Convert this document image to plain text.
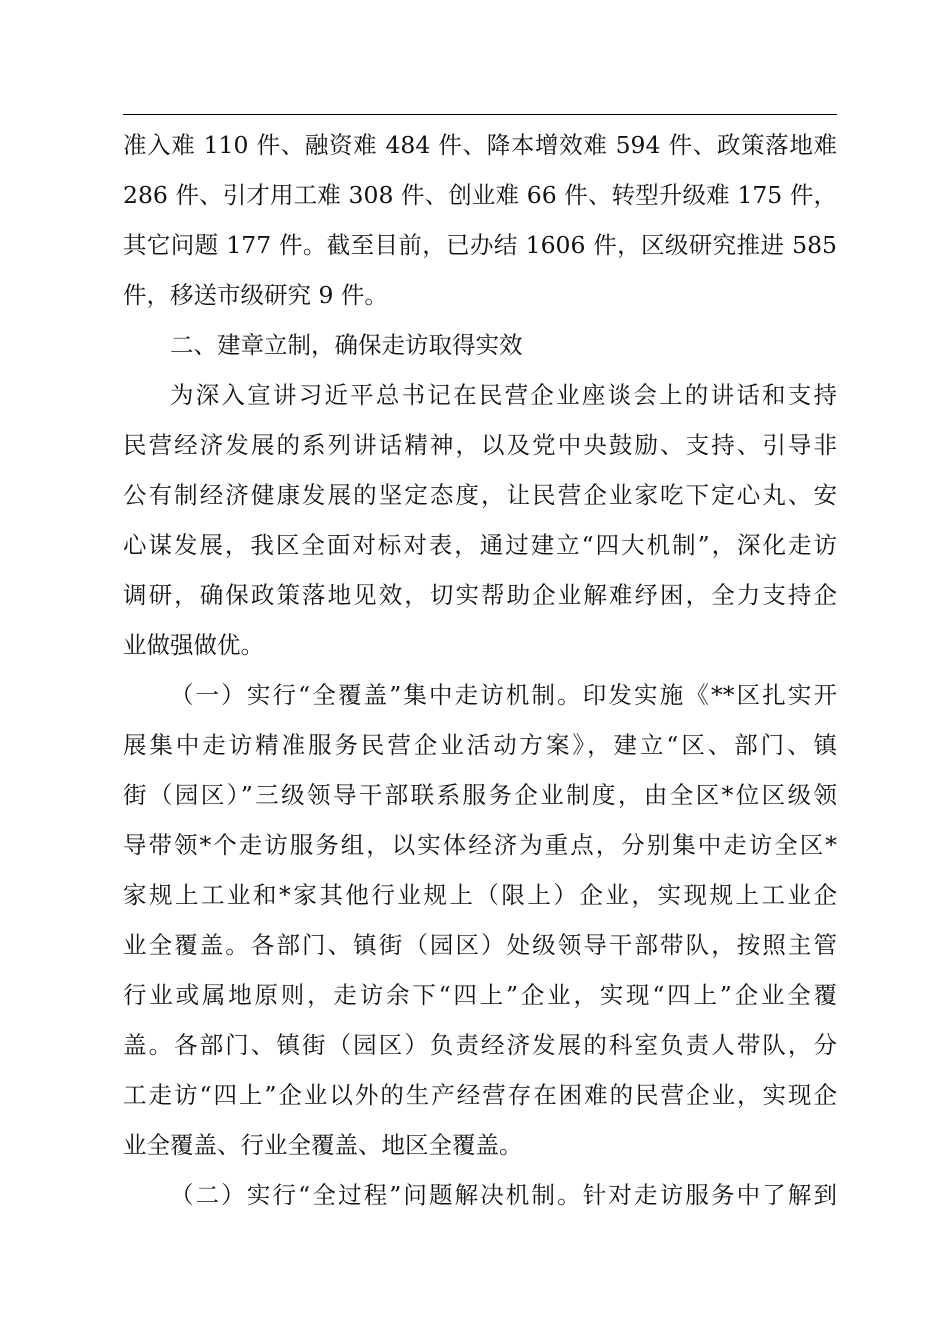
准入难 110 件、融资难 484 件、降本增效难 594 件、政策落地难
286 件、引才用工难 308 件、创业难 66 件、转型升级难 175 件，
其它问题 177 件。截至目前，已办结 1606 件，区级研究推进 585
件，移送市级研究 9 件。
二、建章立制，确保走访取得实效
为深入宣讲习近平总书记在民营企业座谈会上的讲话和支持
民营经济发展的系列讲话精神，以及党中央鼓励、支持、引导非
公有制经济健康发展的坚定态度，让民营企业家吃下定心丸、安
心谋发展，我区全面对标对表，通过建立“四大机制”，深化走访
调研，确保政策落地见效，切实帮助企业解难纾困，全力支持企
业做强做优。
（一）实行“全覆盖”集中走访机制。印发实施《**区扎实开
展集中走访精准服务民营企业活动方案》，建立“区、部门、镇
街（园区）”三级领导干部联系服务企业制度，由全区*位区级领
导带领*个走访服务组，以实体经济为重点，分别集中走访全区*
家规上工业和*家其他行业规上（限上）企业，实现规上工业企
业全覆盖。各部门、镇街（园区）处级领导干部带队，按照主管
行业或属地原则，走访余下“四上”企业，实现“四上”企业全覆
盖。各部门、镇街（园区）负责经济发展的科室负责人带队，分
工走访“四上”企业以外的生产经营存在困难的民营企业，实现企
业全覆盖、行业全覆盖、地区全覆盖。
（二）实行“全过程”问题解决机制。针对走访服务中了解到
